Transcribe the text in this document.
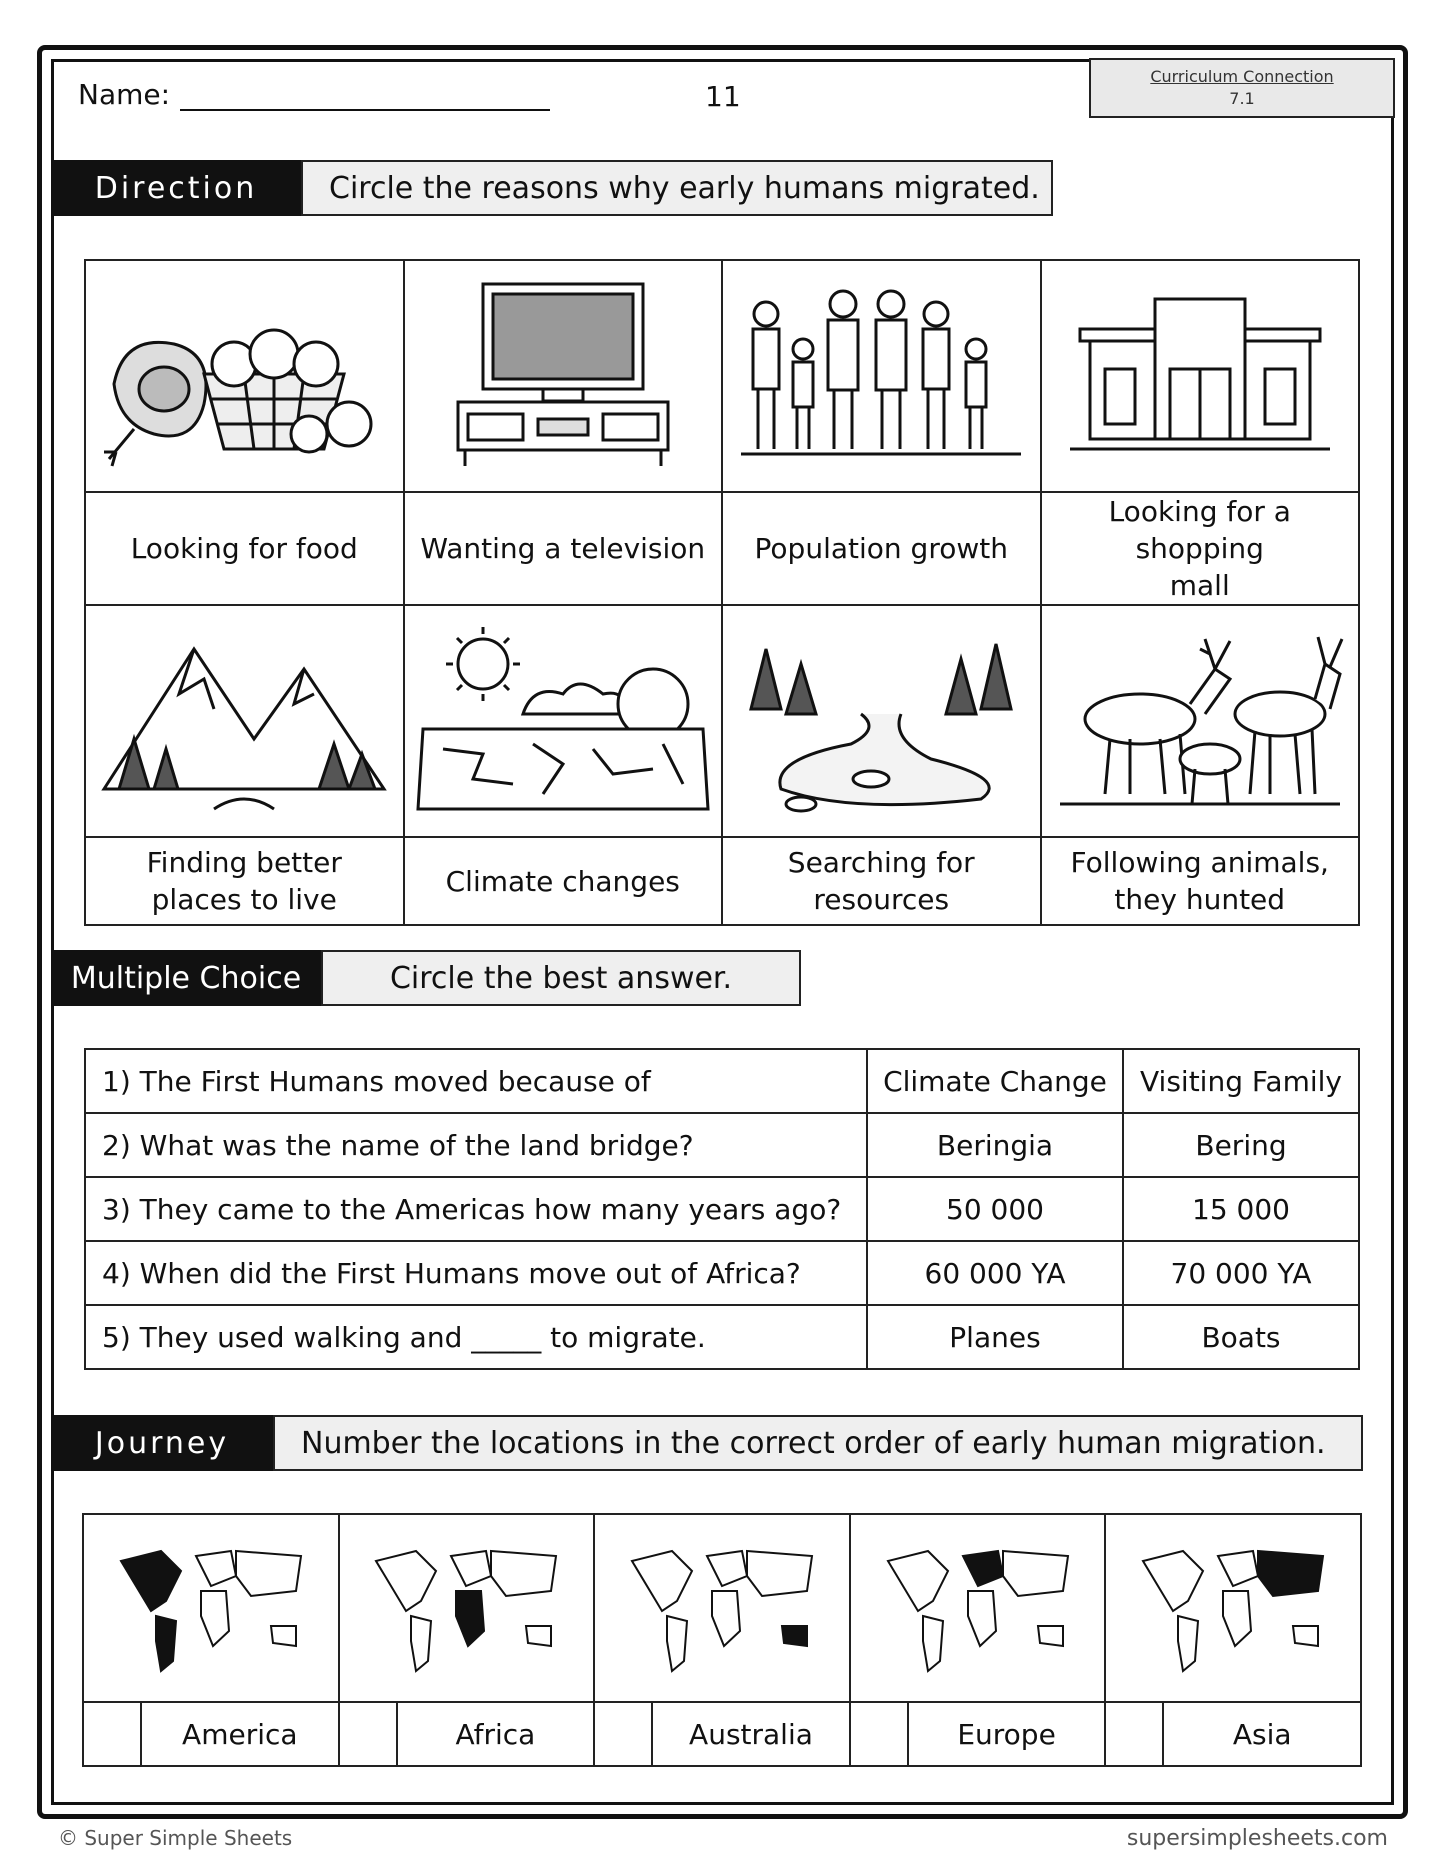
Name:	11
Curriculum Connection
7.1
Direction	Circle the reasons why early humans migrated.

Looking for food	Wanting a television	Population growth	Looking for a shopping mall

Finding better places to live	Climate changes	Searching for resources	Following animals, they hunted
Multiple Choice	Circle the best answer.
1) The First Humans moved because of	Climate Change	Visiting Family
2) What was the name of the land bridge?	Beringia	Bering
3) They came to the Americas how many years ago?	50 000	15 000
4) When did the First Humans move out of Africa?	60 000 YA	70 000 YA
5) They used walking and _____ to migrate.	Planes	Boats
Journey	Number the locations in the correct order of early human migration.

	America		Africa		Australia		Europe		Asia
© Super Simple Sheets	supersimplesheets.com
